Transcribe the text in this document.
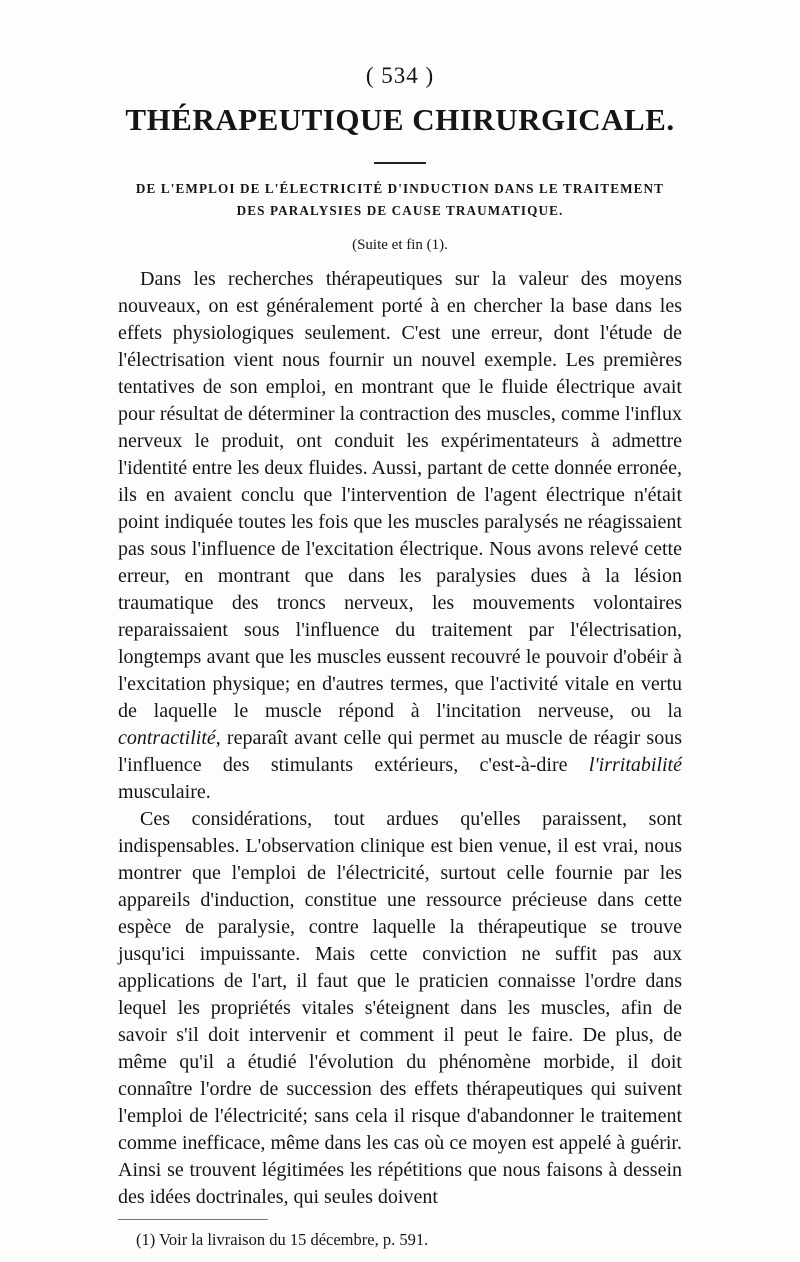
( 534 )
THÉRAPEUTIQUE CHIRURGICALE.
DE L'EMPLOI DE L'ÉLECTRICITÉ D'INDUCTION DANS LE TRAITEMENT
DES PARALYSIES DE CAUSE TRAUMATIQUE.
(Suite et fin (1).

Dans les recherches thérapeutiques sur la valeur des moyens nouveaux, on est généralement porté à en chercher la base dans les effets physiologiques seulement. C'est une erreur, dont l'étude de l'électrisation vient nous fournir un nouvel exemple. Les premières tentatives de son emploi, en montrant que le fluide électrique avait pour résultat de déterminer la contraction des muscles, comme l'influx nerveux le produit, ont conduit les expérimentateurs à admettre l'identité entre les deux fluides. Aussi, partant de cette donnée erronée, ils en avaient conclu que l'intervention de l'agent électrique n'était point indiquée toutes les fois que les muscles paralysés ne réagissaient pas sous l'influence de l'excitation électrique. Nous avons relevé cette erreur, en montrant que dans les paralysies dues à la lésion traumatique des troncs nerveux, les mouvements volontaires reparaissaient sous l'influence du traitement par l'électrisation, longtemps avant que les muscles eussent recouvré le pouvoir d'obéir à l'excitation physique; en d'autres termes, que l'activité vitale en vertu de laquelle le muscle répond à l'incitation nerveuse, ou la contractilité, reparaît avant celle qui permet au muscle de réagir sous l'influence des stimulants extérieurs, c'est-à-dire l'irritabilité musculaire.

Ces considérations, tout ardues qu'elles paraissent, sont indispensables. L'observation clinique est bien venue, il est vrai, nous montrer que l'emploi de l'électricité, surtout celle fournie par les appareils d'induction, constitue une ressource précieuse dans cette espèce de paralysie, contre laquelle la thérapeutique se trouve jusqu'ici impuissante. Mais cette conviction ne suffit pas aux applications de l'art, il faut que le praticien connaisse l'ordre dans lequel les propriétés vitales s'éteignent dans les muscles, afin de savoir s'il doit intervenir et comment il peut le faire. De plus, de même qu'il a étudié l'évolution du phénomène morbide, il doit connaître l'ordre de succession des effets thérapeutiques qui suivent l'emploi de l'électricité; sans cela il risque d'abandonner le traitement comme inefficace, même dans les cas où ce moyen est appelé à guérir. Ainsi se trouvent légitimées les répétitions que nous faisons à dessein des idées doctrinales, qui seules doivent

(1) Voir la livraison du 15 décembre, p. 591.
